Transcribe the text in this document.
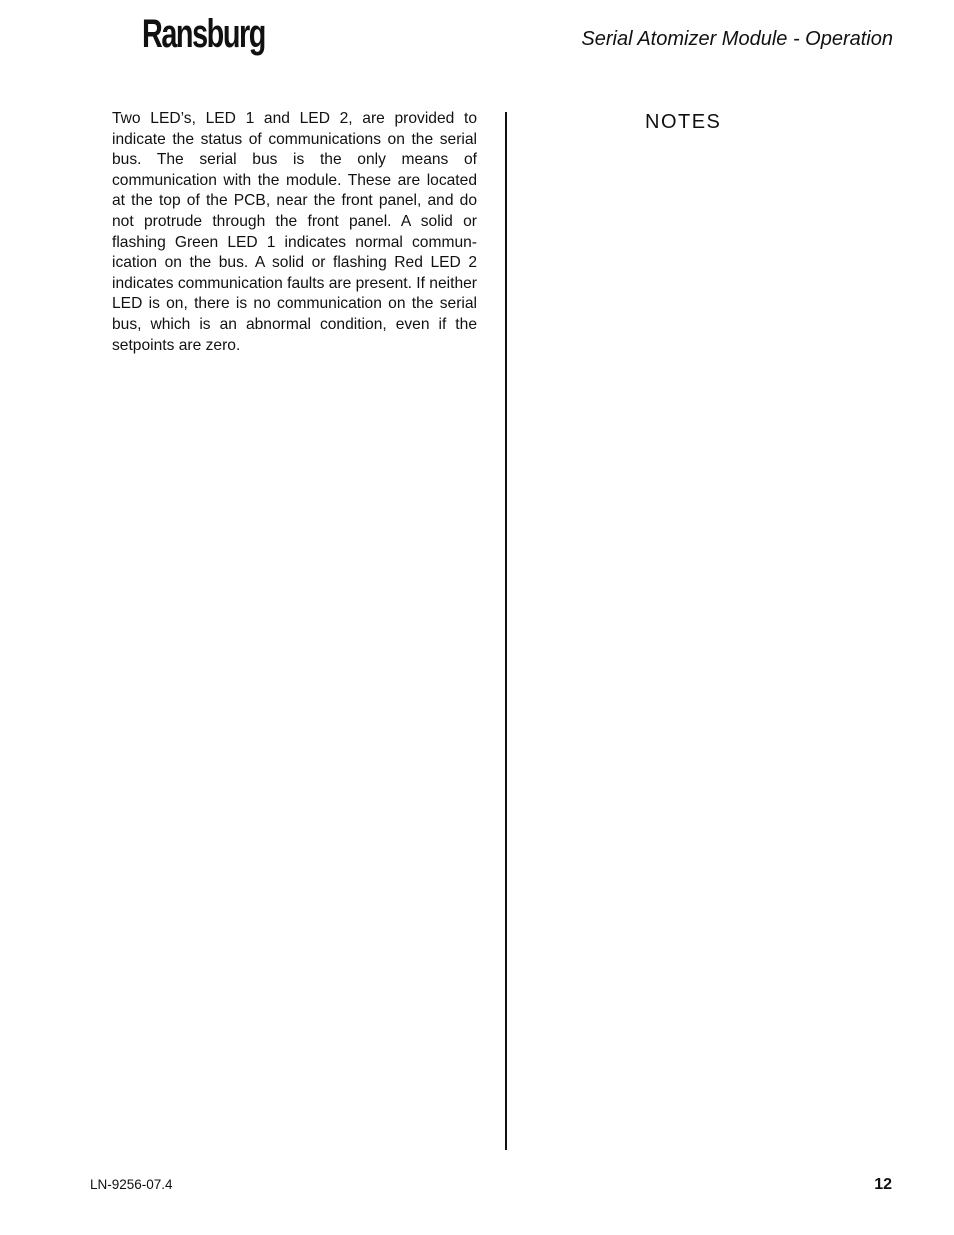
Ransburg	Serial Atomizer Module - Operation

Two LED’s, LED 1 and LED 2, are provided to indicate the status of communications on the serial bus. The serial bus is the only means of communication with the module. These are located at the top of the PCB, near the front panel, and do not protrude through the front panel. A solid or flashing Green LED 1 indicates normal communication on the bus. A solid or flashing Red LED 2 indicates communication faults are present. If neither LED is on, there is no communication on the serial bus, which is an abnormal condition, even if the setpoints are zero.

NOTES
LN-9256-07.4	12
